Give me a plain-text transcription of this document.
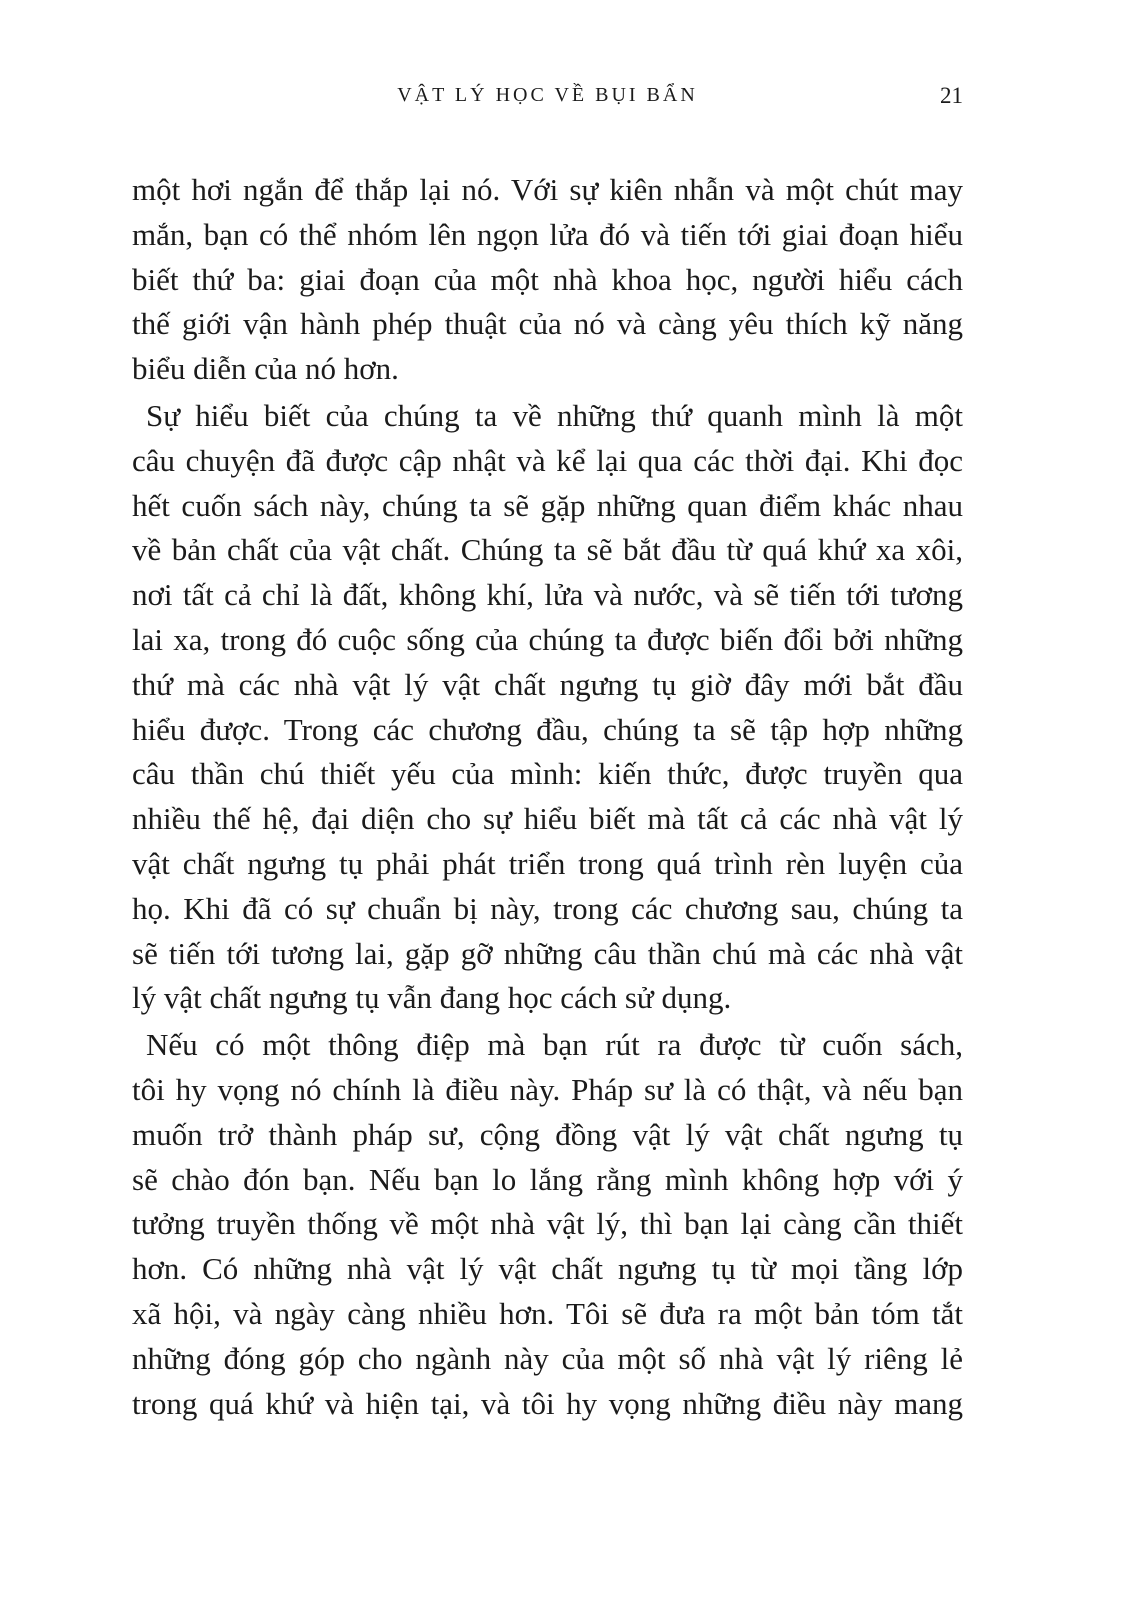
VẬT LÝ HỌC VỀ BỤI BẨN	21
một hơi ngắn để thắp lại nó. Với sự kiên nhẫn và một chút may
mắn, bạn có thể nhóm lên ngọn lửa đó và tiến tới giai đoạn hiểu
biết thứ ba: giai đoạn của một nhà khoa học, người hiểu cách
thế giới vận hành phép thuật của nó và càng yêu thích kỹ năng
biểu diễn của nó hơn.
Sự hiểu biết của chúng ta về những thứ quanh mình là một
câu chuyện đã được cập nhật và kể lại qua các thời đại. Khi đọc
hết cuốn sách này, chúng ta sẽ gặp những quan điểm khác nhau
về bản chất của vật chất. Chúng ta sẽ bắt đầu từ quá khứ xa xôi,
nơi tất cả chỉ là đất, không khí, lửa và nước, và sẽ tiến tới tương
lai xa, trong đó cuộc sống của chúng ta được biến đổi bởi những
thứ mà các nhà vật lý vật chất ngưng tụ giờ đây mới bắt đầu
hiểu được. Trong các chương đầu, chúng ta sẽ tập hợp những
câu thần chú thiết yếu của mình: kiến thức, được truyền qua
nhiều thế hệ, đại diện cho sự hiểu biết mà tất cả các nhà vật lý
vật chất ngưng tụ phải phát triển trong quá trình rèn luyện của
họ. Khi đã có sự chuẩn bị này, trong các chương sau, chúng ta
sẽ tiến tới tương lai, gặp gỡ những câu thần chú mà các nhà vật
lý vật chất ngưng tụ vẫn đang học cách sử dụng.
Nếu có một thông điệp mà bạn rút ra được từ cuốn sách,
tôi hy vọng nó chính là điều này. Pháp sư là có thật, và nếu bạn
muốn trở thành pháp sư, cộng đồng vật lý vật chất ngưng tụ
sẽ chào đón bạn. Nếu bạn lo lắng rằng mình không hợp với ý
tưởng truyền thống về một nhà vật lý, thì bạn lại càng cần thiết
hơn. Có những nhà vật lý vật chất ngưng tụ từ mọi tầng lớp
xã hội, và ngày càng nhiều hơn. Tôi sẽ đưa ra một bản tóm tắt
những đóng góp cho ngành này của một số nhà vật lý riêng lẻ
trong quá khứ và hiện tại, và tôi hy vọng những điều này mang
